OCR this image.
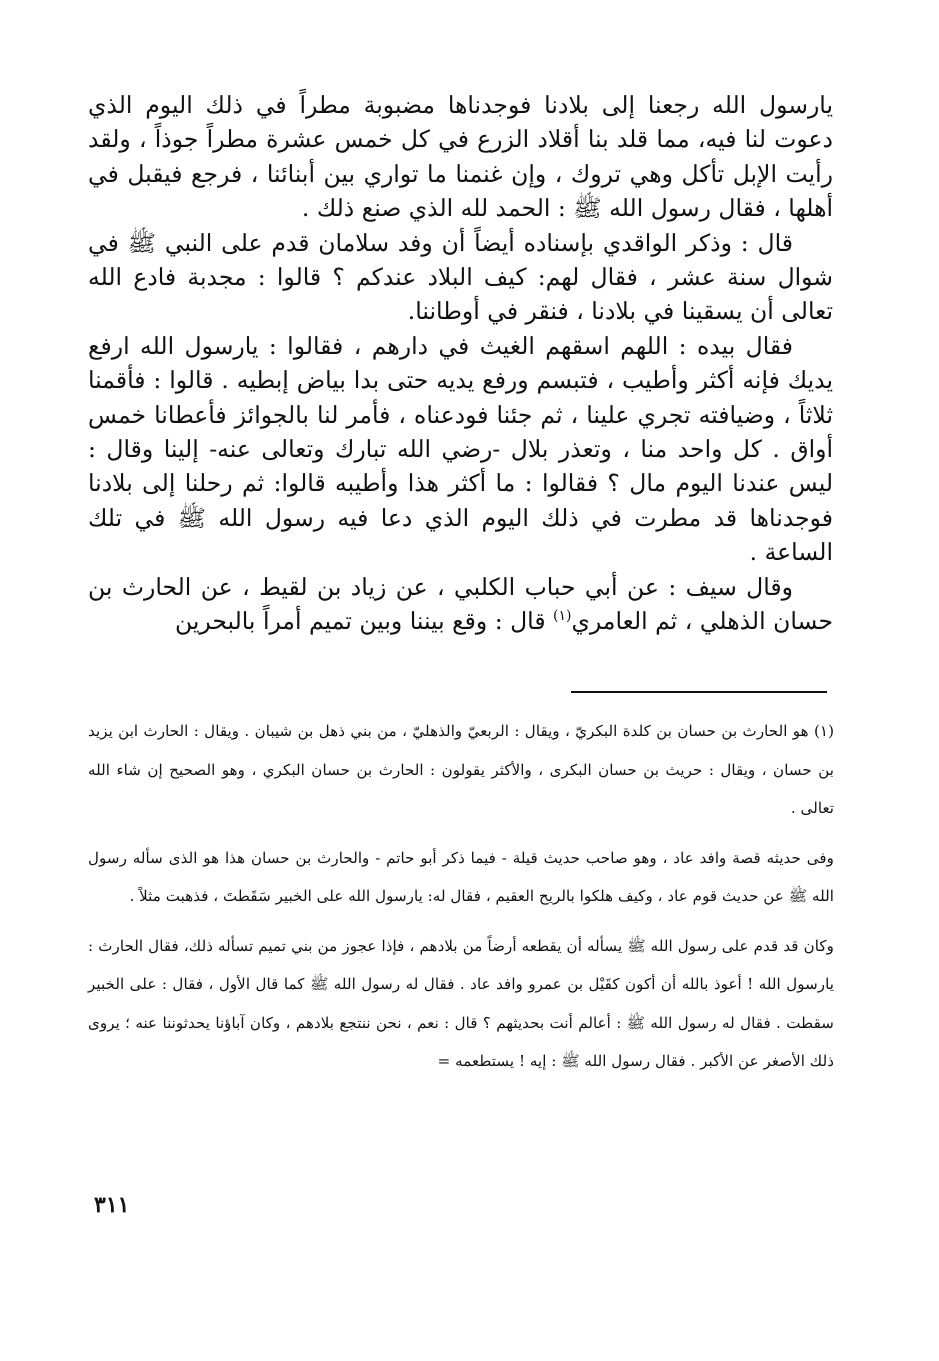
يارسول الله رجعنا إلى بلادنا فوجدناها مضبوبة مطراً في ذلك اليوم الذي دعوت لنا فيه، مما قلد بنا أقلاد الزرع في كل خمس عشرة مطراً جوذاً ، ولقد رأيت الإبل تأكل وهي تروك ، وإن غنمنا ما تواري بين أبنائنا ، فرجع فيقبل في أهلها ، فقال رسول الله ﷺ : الحمد لله الذي صنع ذلك .

قال : وذكر الواقدي بإسناده أيضاً أن وفد سلامان قدم على النبي ﷺ في شوال سنة عشر ، فقال لهم: كيف البلاد عندكم ؟ قالوا : مجدبة فادع الله تعالى أن يسقينا في بلادنا ، فنقر في أوطاننا.

فقال بيده : اللهم اسقهم الغيث في دارهم ، فقالوا : يارسول الله ارفع يديك فإنه أكثر وأطيب ، فتبسم ورفع يديه حتى بدا بياض إبطيه . قالوا : فأقمنا ثلاثاً ، وضيافته تجري علينا ، ثم جئنا فودعناه ، فأمر لنا بالجوائز فأعطانا خمس أواق . كل واحد منا ، وتعذر بلال -رضي الله تبارك وتعالى عنه- إلينا وقال : ليس عندنا اليوم مال ؟ فقالوا : ما أكثر هذا وأطيبه قالوا: ثم رحلنا إلى بلادنا فوجدناها قد مطرت في ذلك اليوم الذي دعا فيه رسول الله ﷺ في تلك الساعة .

وقال سيف : عن أبي حباب الكلبي ، عن زياد بن لقيط ، عن الحارث بن حسان الذهلي ، ثم العامري$^{(١)}$ قال : وقع بيننا وبين تميم أمراً بالبحرين

(١) هو الحارث بن حسان بن كلدة البكريّ ، ويقال : الربعيّ والذهليّ ، من بني ذهل بن شيبان . ويقال : الحارث ابن يزيد بن حسان ، ويقال : حريث بن حسان البكرى ، والأكثر يقولون : الحارث بن حسان البكري ، وهو الصحيح إن شاء الله تعالى .

وفى حديثه قصة وافد عاد ، وهو صاحب حديث قيلة - فيما ذكر أبو حاتم - والحارث بن حسان هذا هو الذى سأله رسول الله ﷺ عن حديث قوم عاد ، وكيف هلكوا بالريح العقيم ، فقال له: يارسول الله على الخبير سَقَطتَ ، فذهبت مثلاً .

وكان قد قدم على رسول الله ﷺ يسأله أن يقطعه أرضاً من بلادهم ، فإذا عجوز من بني تميم تسأله ذلك، فقال الحارث : يارسول الله ! أعوذ بالله أن أكون كقَيْل بن عمرو وافد عاد . فقال له رسول الله ﷺ كما قال الأول ، فقال : على الخبير سقطت . فقال له رسول الله ﷺ : أعالم أنت بحديثهم ؟ قال : نعم ، نحن ننتجع بلادهم ، وكان آباؤنا يحدثوننا عنه ؛ يروى ذلك الأصغر عن الأكبر . فقال رسول الله ﷺ : إيه ! يستطعمه =

٣١١
